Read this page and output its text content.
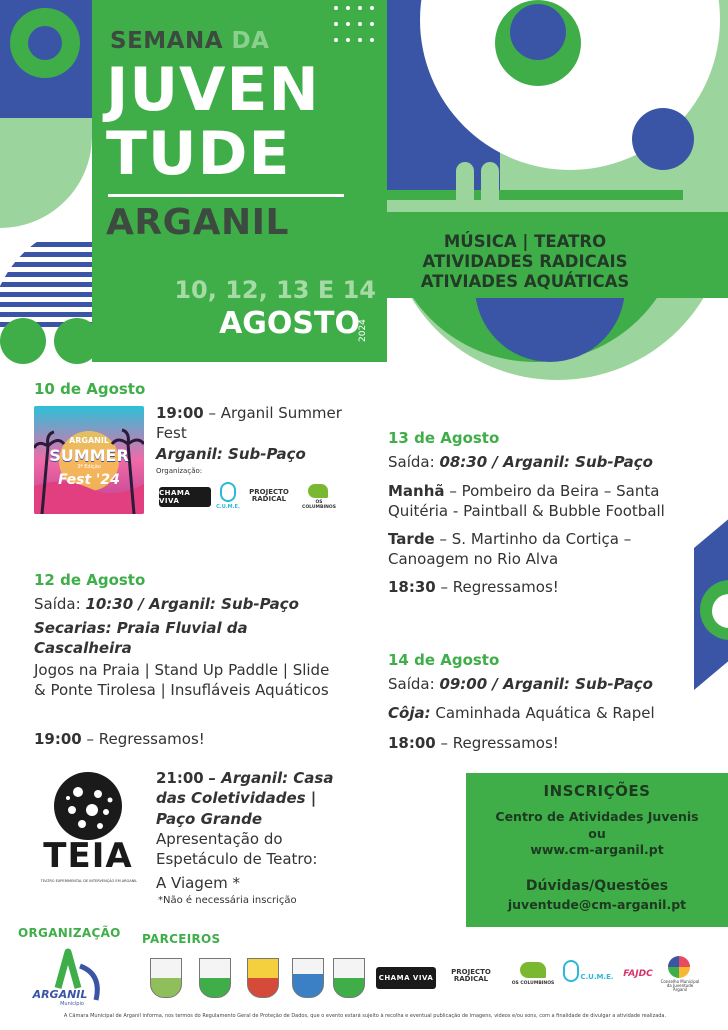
SEMANA DA
JUVEN
TUDE
ARGANIL
10, 12, 13 E 14
AGOSTO
2024
MÚSICA | TEATRO
ATIVIDADES RADICAIS
ATIVIADES AQUÁTICAS
10 de Agosto
ARGANIL
SUMMER
3ª Edição
Fest '24
19:00 – Arganil Summer Fest
Arganil: Sub-Paço
Organização:
CHAMA VIVA
C.U.M.E.
PROJECTO RADICAL	OS COLUMBINOS
12 de Agosto
Saída: 10:30 / Arganil: Sub-Paço
Secarias: Praia Fluvial da Cascalheira
Jogos na Praia | Stand Up Paddle | Slide & Ponte Tirolesa | Insufláveis Aquáticos
19:00 – Regressamos!
TEIA
TEATRO EXPERIMENTAL DE INTERVENÇÃO EM ARGANIL
21:00 – Arganil: Casa das Coletividades | Paço Grande
Apresentação do Espetáculo de Teatro:
A Viagem *
*Não é necessária inscrição
13 de Agosto
Saída: 08:30 / Arganil: Sub-Paço
Manhã – Pombeiro da Beira – Santa Quitéria - Paintball & Bubble Football
Tarde – S. Martinho da Cortiça – Canoagem no Rio Alva
18:30 – Regressamos!
14 de Agosto
Saída: 09:00 / Arganil: Sub-Paço
Côja: Caminhada Aquática & Rapel
18:00 – Regressamos!
INSCRIÇÕES
Centro de Atividades Juvenis
ou
www.cm-arganil.pt
Dúvidas/Questões
juventude@cm-arganil.pt
ORGANIZAÇÃO
ARGANIL
Município
PARCEIROS
CHAMA VIVA
PROJECTO RADICAL
OS COLUMBINOS
C.U.M.E.	FAJDC
Conselho Municipal da Juventude Arganil
A Câmara Municipal de Arganil informa, nos termos do Regulamento Geral de Proteção de Dados, que o evento estará sujeito à recolha e eventual publicação de imagens, vídeos e/ou sons, com a finalidade de divulgar a atividade realizada.
